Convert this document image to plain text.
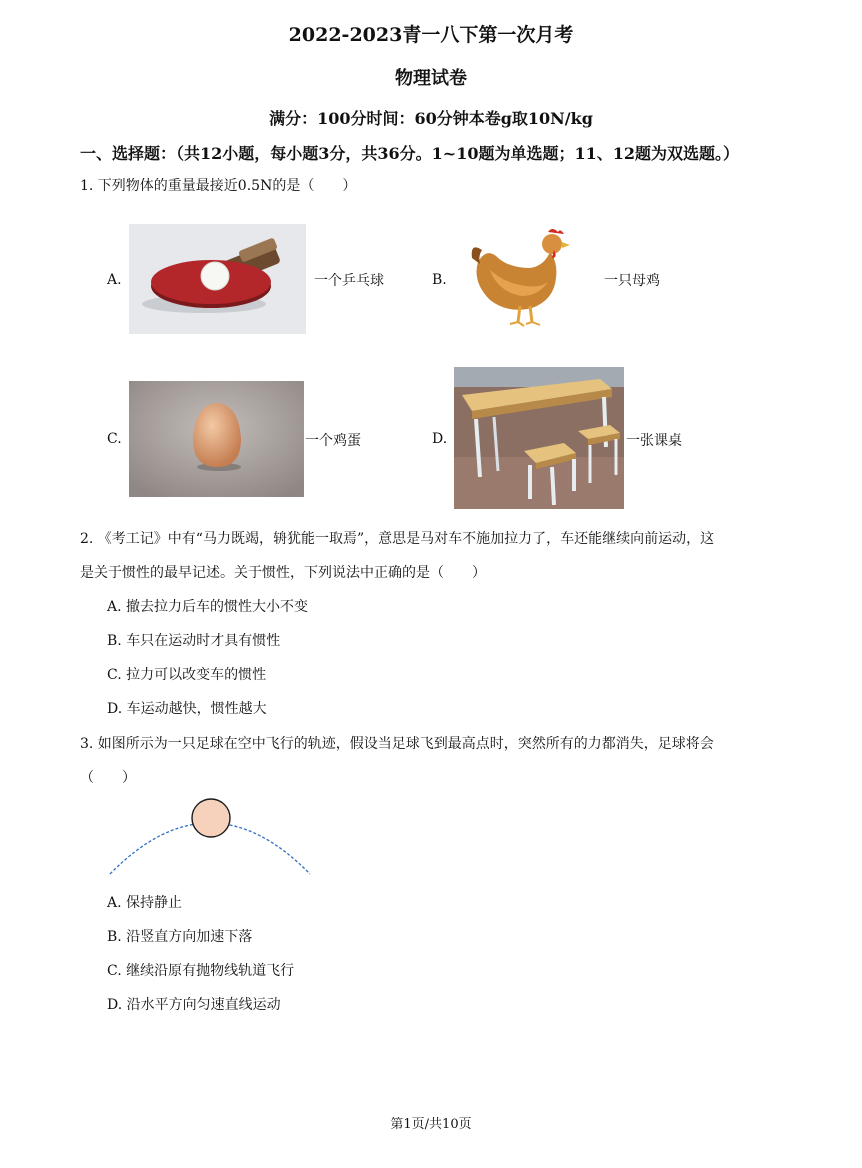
2022-2023青一八下第一次月考
物理试卷
满分：100分时间：60分钟本卷g取10N/kg
一、选择题：（共12小题，每小题3分，共36分。1~10题为单选题；11、12题为双选题。）
1. 下列物体的重量最接近0.5N的是（　　）
A.	一个乒乓球	B.	一只母鸡
C.	一个鸡蛋	D.	一张课桌
2. 《考工记》中有“马力既竭，辀犹能一取焉”，意思是马对车不施加拉力了，车还能继续向前运动，这
是关于惯性的最早记述。关于惯性，下列说法中正确的是（　　）
A. 撤去拉力后车的惯性大小不变
B. 车只在运动时才具有惯性
C. 拉力可以改变车的惯性
D. 车运动越快，惯性越大
3. 如图所示为一只足球在空中飞行的轨迹，假设当足球飞到最高点时，突然所有的力都消失，足球将会
（　　）
A. 保持静止
B. 沿竖直方向加速下落
C. 继续沿原有抛物线轨道飞行
D. 沿水平方向匀速直线运动
第1页/共10页
